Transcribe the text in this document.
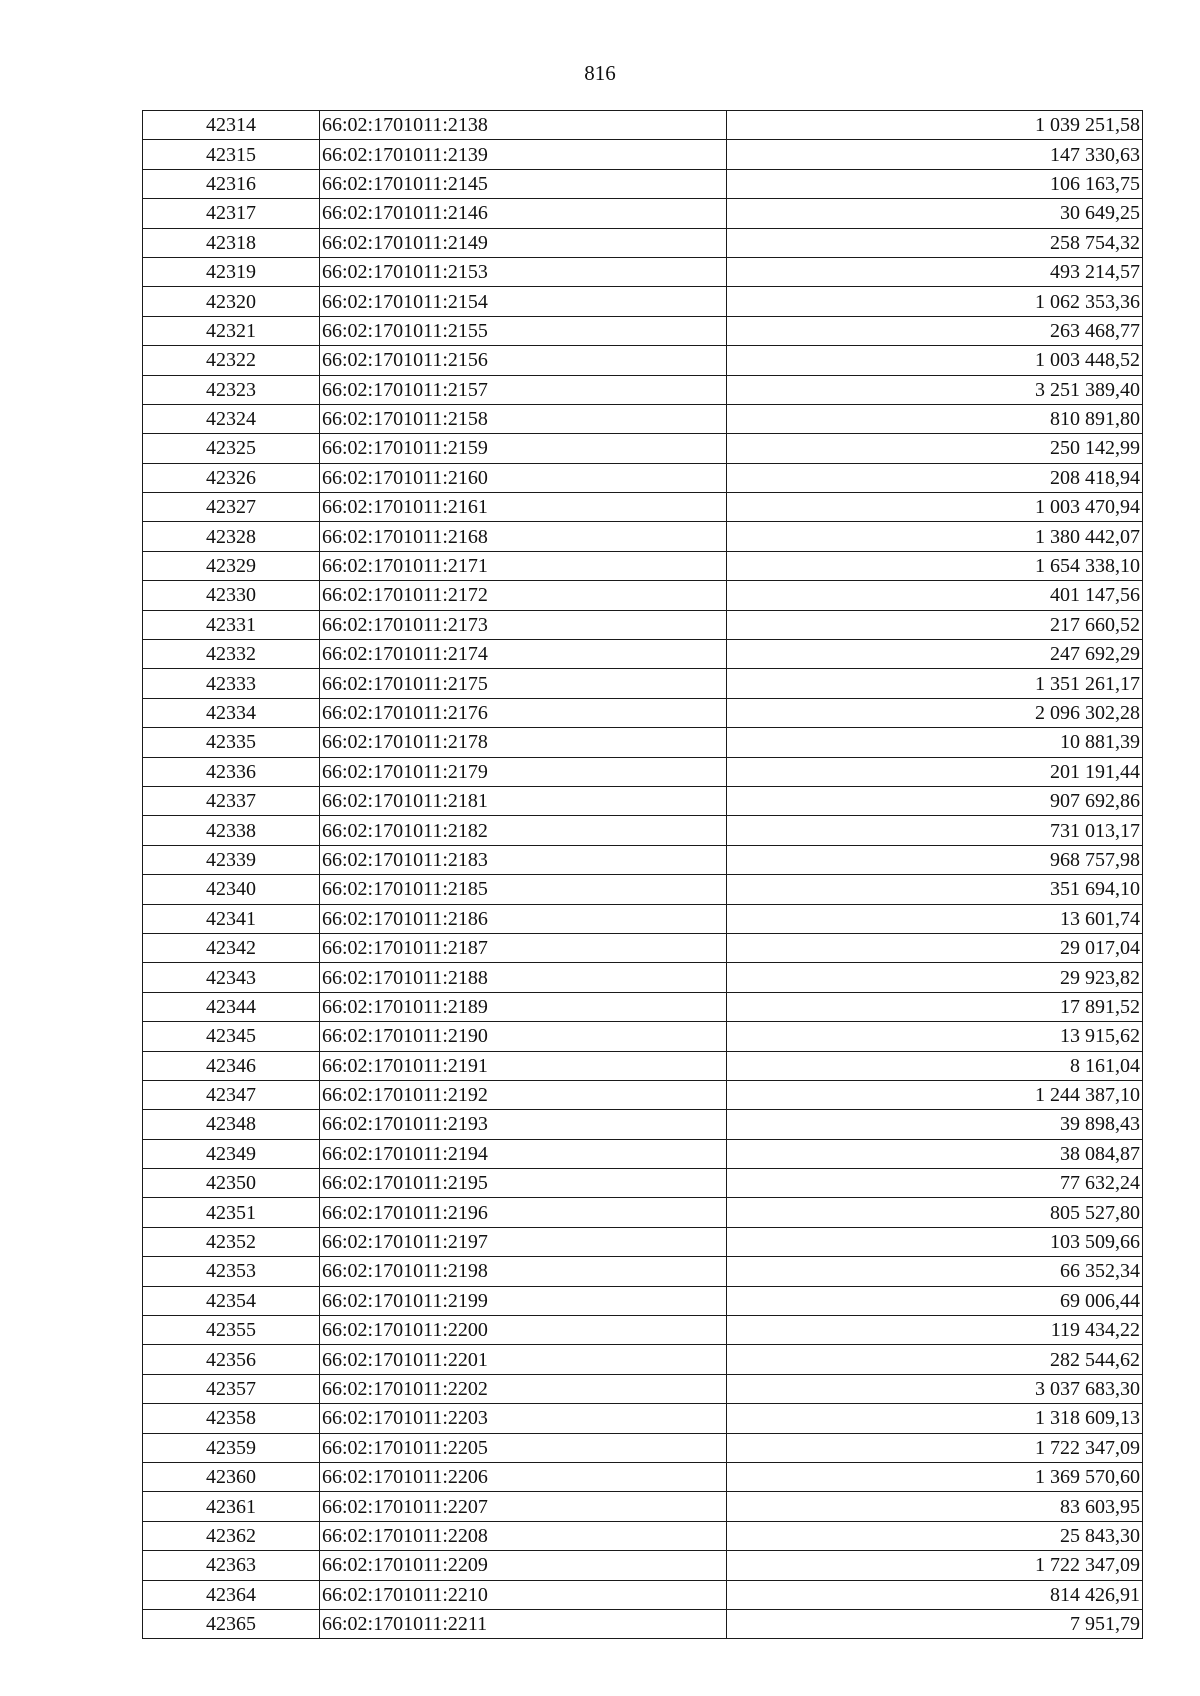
816
42314	66:02:1701011:2138	1 039 251,58
42315	66:02:1701011:2139	147 330,63
42316	66:02:1701011:2145	106 163,75
42317	66:02:1701011:2146	30 649,25
42318	66:02:1701011:2149	258 754,32
42319	66:02:1701011:2153	493 214,57
42320	66:02:1701011:2154	1 062 353,36
42321	66:02:1701011:2155	263 468,77
42322	66:02:1701011:2156	1 003 448,52
42323	66:02:1701011:2157	3 251 389,40
42324	66:02:1701011:2158	810 891,80
42325	66:02:1701011:2159	250 142,99
42326	66:02:1701011:2160	208 418,94
42327	66:02:1701011:2161	1 003 470,94
42328	66:02:1701011:2168	1 380 442,07
42329	66:02:1701011:2171	1 654 338,10
42330	66:02:1701011:2172	401 147,56
42331	66:02:1701011:2173	217 660,52
42332	66:02:1701011:2174	247 692,29
42333	66:02:1701011:2175	1 351 261,17
42334	66:02:1701011:2176	2 096 302,28
42335	66:02:1701011:2178	10 881,39
42336	66:02:1701011:2179	201 191,44
42337	66:02:1701011:2181	907 692,86
42338	66:02:1701011:2182	731 013,17
42339	66:02:1701011:2183	968 757,98
42340	66:02:1701011:2185	351 694,10
42341	66:02:1701011:2186	13 601,74
42342	66:02:1701011:2187	29 017,04
42343	66:02:1701011:2188	29 923,82
42344	66:02:1701011:2189	17 891,52
42345	66:02:1701011:2190	13 915,62
42346	66:02:1701011:2191	8 161,04
42347	66:02:1701011:2192	1 244 387,10
42348	66:02:1701011:2193	39 898,43
42349	66:02:1701011:2194	38 084,87
42350	66:02:1701011:2195	77 632,24
42351	66:02:1701011:2196	805 527,80
42352	66:02:1701011:2197	103 509,66
42353	66:02:1701011:2198	66 352,34
42354	66:02:1701011:2199	69 006,44
42355	66:02:1701011:2200	119 434,22
42356	66:02:1701011:2201	282 544,62
42357	66:02:1701011:2202	3 037 683,30
42358	66:02:1701011:2203	1 318 609,13
42359	66:02:1701011:2205	1 722 347,09
42360	66:02:1701011:2206	1 369 570,60
42361	66:02:1701011:2207	83 603,95
42362	66:02:1701011:2208	25 843,30
42363	66:02:1701011:2209	1 722 347,09
42364	66:02:1701011:2210	814 426,91
42365	66:02:1701011:2211	7 951,79
